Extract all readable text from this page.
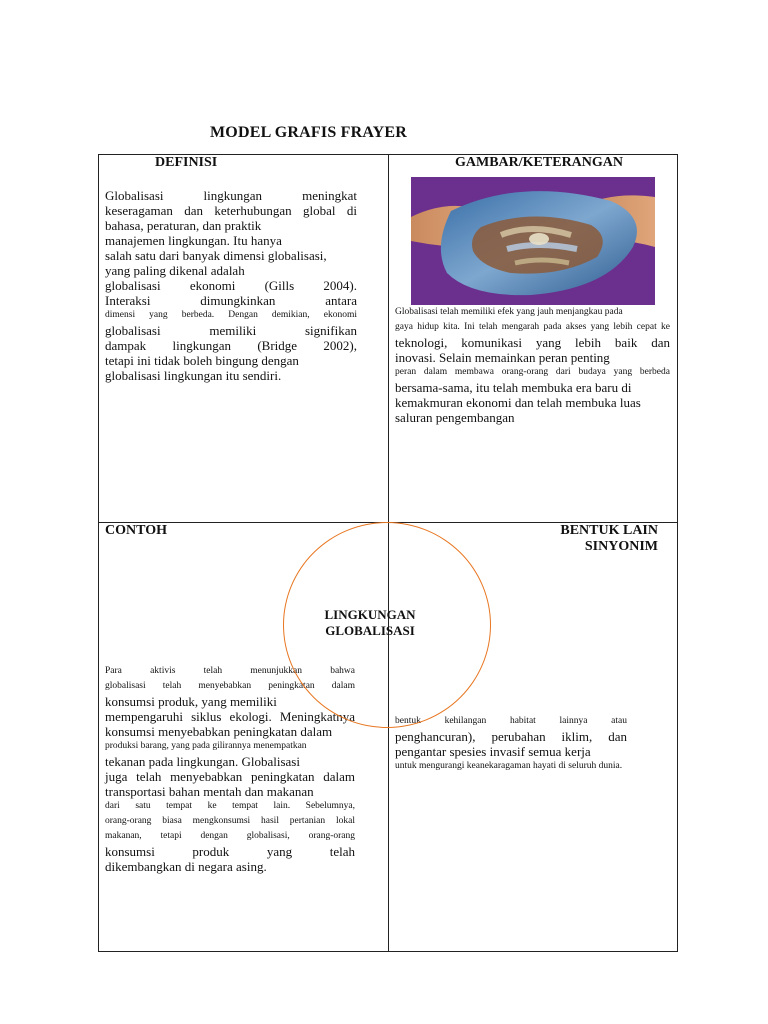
MODEL GRAFIS FRAYER
DEFINISI
Globalisasi lingkungan meningkat
keseragaman dan keterhubungan global di
bahasa, peraturan, dan praktik
manajemen lingkungan. Itu hanya
salah satu dari banyak dimensi globalisasi,
yang paling dikenal adalah
globalisasi ekonomi (Gills 2004).
Interaksi dimungkinkan antara
dimensi yang berbeda. Dengan demikian, ekonomi
globalisasi memiliki signifikan
dampak lingkungan (Bridge 2002),
tetapi ini tidak boleh bingung dengan
globalisasi lingkungan itu sendiri.
GAMBAR/KETERANGAN
Globalisasi telah memiliki efek yang jauh menjangkau pada
gaya hidup kita. Ini telah mengarah pada akses yang lebih cepat ke
teknologi, komunikasi yang lebih baik dan
inovasi. Selain memainkan peran penting
peran dalam membawa orang-orang dari budaya yang berbeda
bersama-sama, itu telah membuka era baru di
kemakmuran ekonomi dan telah membuka luas
saluran pengembangan
CONTOH
Para aktivis telah menunjukkan bahwa
globalisasi telah menyebabkan peningkatan dalam
konsumsi produk, yang memiliki
mempengaruhi siklus ekologi. Meningkatnya
konsumsi menyebabkan peningkatan dalam
produksi barang, yang pada gilirannya menempatkan
tekanan pada lingkungan. Globalisasi
juga telah menyebabkan peningkatan dalam
transportasi bahan mentah dan makanan
dari satu tempat ke tempat lain. Sebelumnya,
orang-orang biasa mengkonsumsi hasil pertanian lokal
makanan, tetapi dengan globalisasi, orang-orang
konsumsi produk yang telah
dikembangkan di negara asing.
BENTUK LAIN
SINYONIM
bentuk kehilangan habitat lainnya atau
penghancuran), perubahan iklim, dan
pengantar spesies invasif semua kerja
untuk mengurangi keanekaragaman hayati di seluruh dunia.
LINGKUNGAN
GLOBALISASI
